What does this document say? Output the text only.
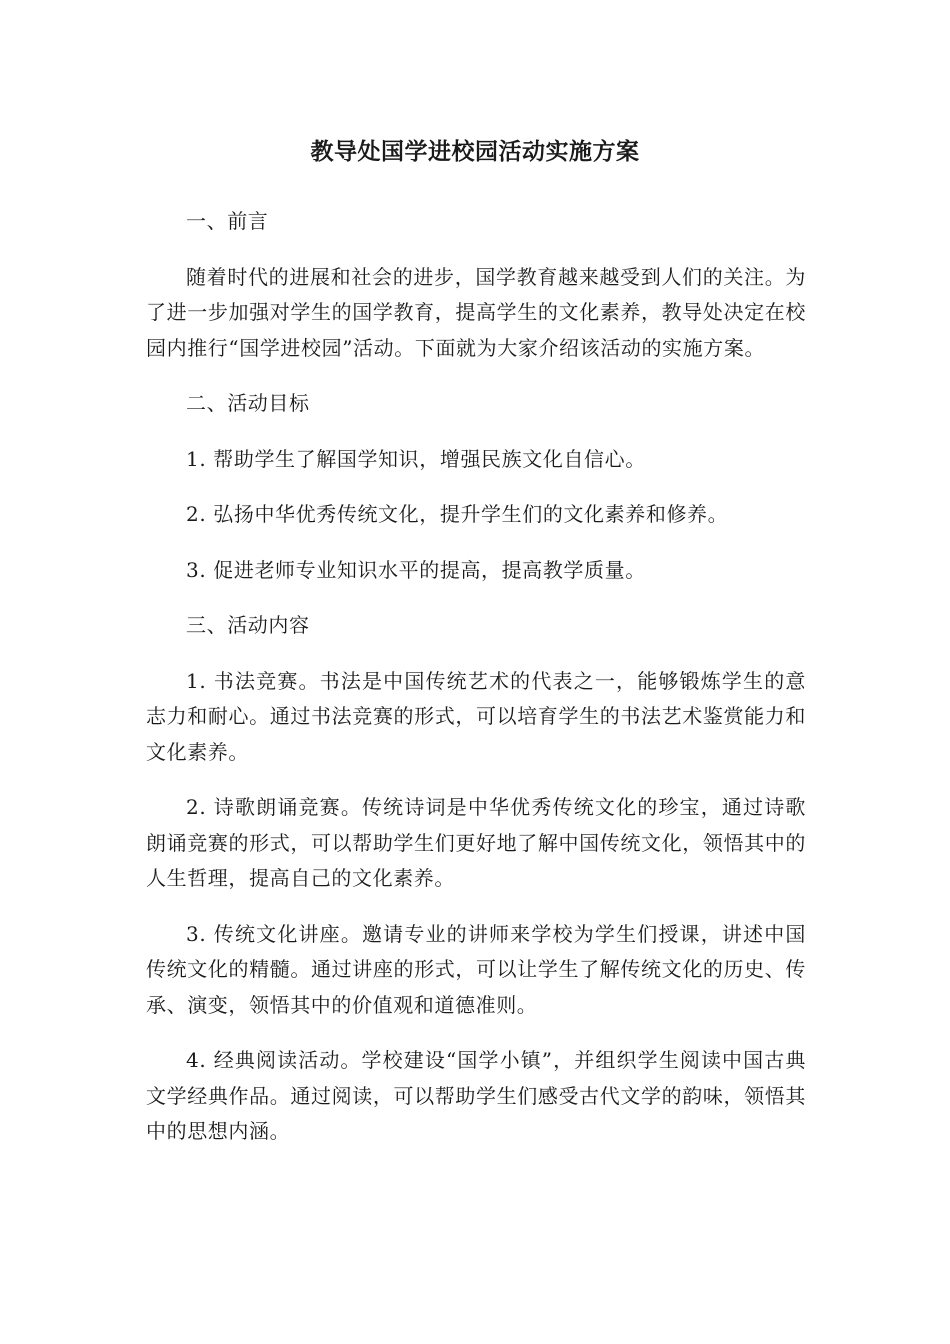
教导处国学进校园活动实施方案

一、前言

随着时代的进展和社会的进步，国学教育越来越受到人们的关注。为了进一步加强对学生的国学教育，提高学生的文化素养，教导处决定在校园内推行“国学进校园”活动。下面就为大家介绍该活动的实施方案。

二、活动目标

1. 帮助学生了解国学知识，增强民族文化自信心。

2. 弘扬中华优秀传统文化，提升学生们的文化素养和修养。

3. 促进老师专业知识水平的提高，提高教学质量。

三、活动内容

1. 书法竞赛。书法是中国传统艺术的代表之一，能够锻炼学生的意志力和耐心。通过书法竞赛的形式，可以培育学生的书法艺术鉴赏能力和文化素养。

2. 诗歌朗诵竞赛。传统诗词是中华优秀传统文化的珍宝，通过诗歌朗诵竞赛的形式，可以帮助学生们更好地了解中国传统文化，领悟其中的人生哲理，提高自己的文化素养。

3. 传统文化讲座。邀请专业的讲师来学校为学生们授课，讲述中国传统文化的精髓。通过讲座的形式，可以让学生了解传统文化的历史、传承、演变，领悟其中的价值观和道德准则。

4. 经典阅读活动。学校建设“国学小镇”，并组织学生阅读中国古典文学经典作品。通过阅读，可以帮助学生们感受古代文学的韵味，领悟其中的思想内涵。
